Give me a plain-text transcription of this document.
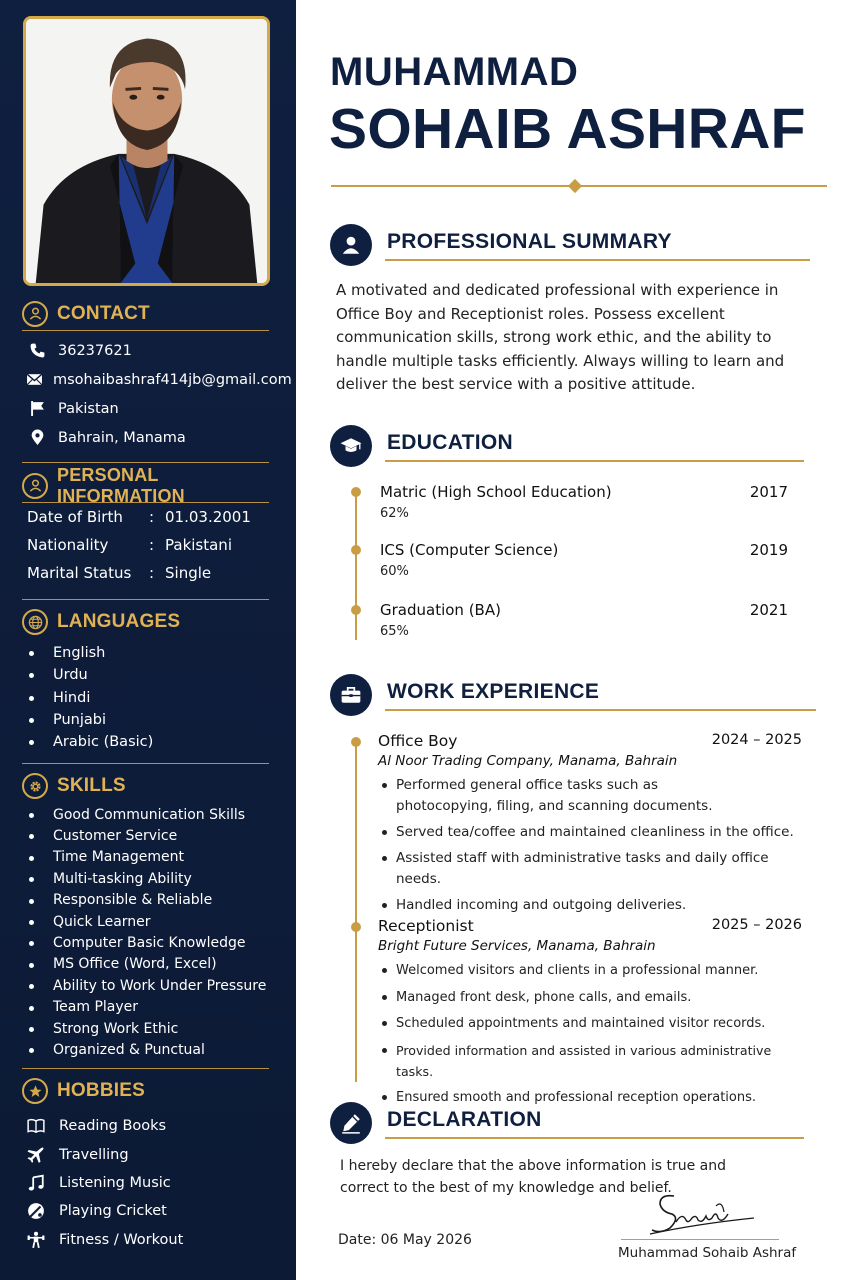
CONTACT
36237621
msohaibashraf414jb@gmail.com
Pakistan
Bahrain, Manama
PERSONAL INFORMATION
Date of Birth	: 01.03.2001
Nationality	: Pakistani
Marital Status	: Single
LANGUAGES
English
Urdu
Hindi
Punjabi
Arabic (Basic)
SKILLS
Good Communication Skills
Customer Service
Time Management
Multi-tasking Ability
Responsible & Reliable
Quick Learner
Computer Basic Knowledge
MS Office (Word, Excel)
Ability to Work Under Pressure
Team Player
Strong Work Ethic
Organized & Punctual
HOBBIES
Reading Books
Travelling
Listening Music
Playing Cricket
Fitness / Workout
MUHAMMAD
SOHAIB ASHRAF
PROFESSIONAL SUMMARY

A motivated and dedicated professional with experience in Office Boy and Receptionist roles. Possess excellent communication skills, strong work ethic, and the ability to handle multiple tasks efficiently. Always willing to learn and deliver the best service with a positive attitude.

EDUCATION
Matric (High School Education)	2017
62%
ICS (Computer Science)	2019
60%
Graduation (BA)	2021
65%
WORK EXPERIENCE
Office Boy	2024 – 2025
Al Noor Trading Company, Manama, Bahrain
Performed general office tasks such as photocopying, filing, and scanning documents.
Served tea/coffee and maintained cleanliness in the office.
Assisted staff with administrative tasks and daily office needs.
Handled incoming and outgoing deliveries.
Receptionist	2025 – 2026
Bright Future Services, Manama, Bahrain
Welcomed visitors and clients in a professional manner.
Managed front desk, phone calls, and emails.
Scheduled appointments and maintained visitor records.
Provided information and assisted in various administrative tasks.
Ensured smooth and professional reception operations.
DECLARATION

I hereby declare that the above information is true and correct to the best of my knowledge and belief.

Date: 06 May 2026
Muhammad Sohaib Ashraf
